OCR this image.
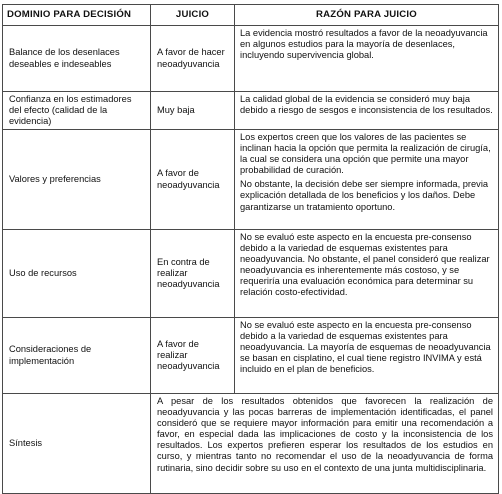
DOMINIO PARA DECISIÓN	JUICIO	RAZÓN PARA JUICIO
Balance de los desenlaces deseables e indeseables	A favor de hacer neoadyuvancia	La evidencia mostró resultados a favor de la neoadyuvancia en algunos estudios para la mayoría de desenlaces, incluyendo supervivencia global.

Confianza en los estimadores del efecto (calidad de la evidencia)	Muy baja	La calidad global de la evidencia se consideró muy baja debido a riesgo de sesgos e inconsistencia de los resultados.

Valores y preferencias	A favor de neoadyuvancia	Los expertos creen que los valores de las pacientes se inclinan hacia la opción que permita la realización de cirugía, la cual se considera una opción que permite una mayor probabilidad de curación.

No obstante, la decisión debe ser siempre informada, previa explicación detallada de los beneficios y los daños. Debe garantizarse un tratamiento oportuno.

Uso de recursos	En contra de realizar neoadyuvancia	No se evaluó este aspecto en la encuesta pre-consenso debido a la variedad de esquemas existentes para neoadyuvancia. No obstante, el panel consideró que realizar neoadyuvancia es inherentemente más costoso, y se requeriría una evaluación económica para determinar su relación costo-efectividad.

Consideraciones de implementación	A favor de realizar neoadyuvancia	No se evaluó este aspecto en la encuesta pre-consenso debido a la variedad de esquemas existentes para neoadyuvancia. La mayoría de esquemas de neoadyuvancia se basan en cisplatino, el cual tiene registro INVIMA y está incluido en el plan de beneficios.

Síntesis	A pesar de los resultados obtenidos que favorecen la realización de neoadyuvancia y las pocas barreras de implementación identificadas, el panel consideró que se requiere mayor información para emitir una recomendación a favor, en especial dada las implicaciones de costo y la inconsistencia de los resultados. Los expertos prefieren esperar los resultados de los estudios en curso, y mientras tanto no recomendar el uso de la neoadyuvancia de forma rutinaria, sino decidir sobre su uso en el contexto de una junta multidisciplinaria.	
